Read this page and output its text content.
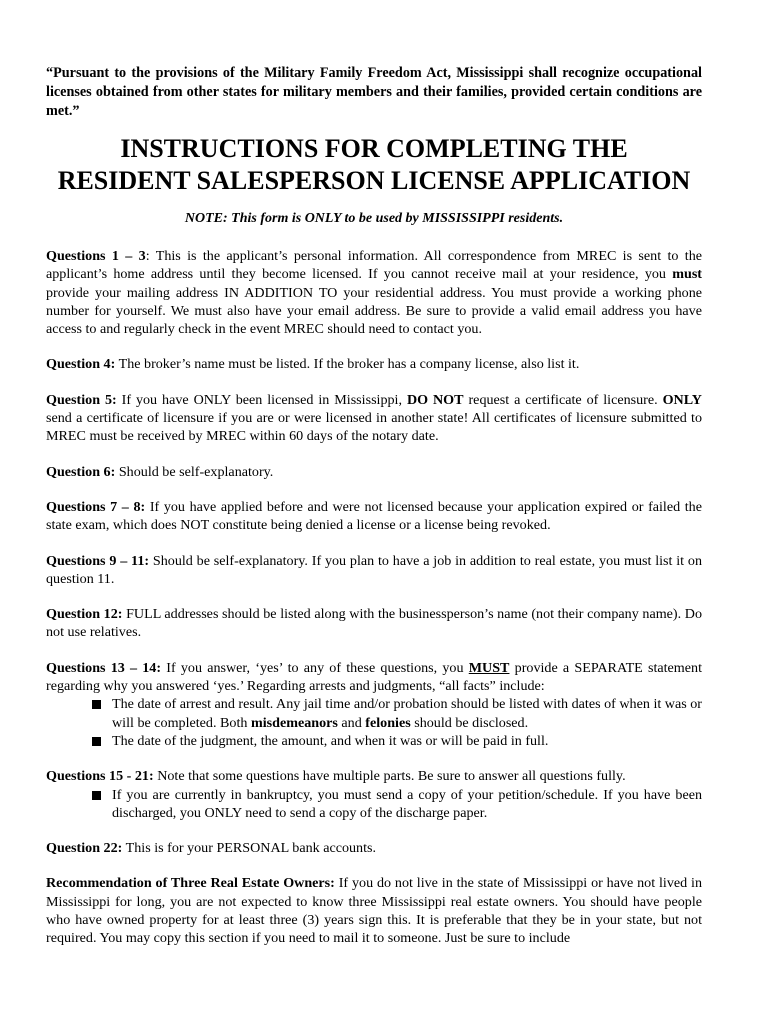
“Pursuant to the provisions of the Military Family Freedom Act, Mississippi shall recognize occupational licenses obtained from other states for military members and their families, provided certain conditions are met.”

INSTRUCTIONS FOR COMPLETING THE
RESIDENT SALESPERSON LICENSE APPLICATION

NOTE: This form is ONLY to be used by MISSISSIPPI residents.

Questions 1 – 3: This is the applicant’s personal information. All correspondence from MREC is sent to the applicant’s home address until they become licensed. If you cannot receive mail at your residence, you must provide your mailing address IN ADDITION TO your residential address. You must provide a working phone number for yourself. We must also have your email address. Be sure to provide a valid email address you have access to and regularly check in the event MREC should need to contact you.

Question 4: The broker’s name must be listed. If the broker has a company license, also list it.

Question 5: If you have ONLY been licensed in Mississippi, DO NOT request a certificate of licensure. ONLY send a certificate of licensure if you are or were licensed in another state! All certificates of licensure submitted to MREC must be received by MREC within 60 days of the notary date.

Question 6: Should be self-explanatory.

Questions 7 – 8: If you have applied before and were not licensed because your application expired or failed the state exam, which does NOT constitute being denied a license or a license being revoked.

Questions 9 – 11: Should be self-explanatory. If you plan to have a job in addition to real estate, you must list it on question 11.

Question 12: FULL addresses should be listed along with the businessperson’s name (not their company name). Do not use relatives.

Questions 13 – 14: If you answer, ‘yes’ to any of these questions, you MUST provide a SEPARATE statement regarding why you answered ‘yes.’ Regarding arrests and judgments, “all facts” include:
The date of arrest and result. Any jail time and/or probation should be listed with dates of when it was or will be completed. Both misdemeanors and felonies should be disclosed.
The date of the judgment, the amount, and when it was or will be paid in full.
Questions 15 - 21: Note that some questions have multiple parts. Be sure to answer all questions fully.
If you are currently in bankruptcy, you must send a copy of your petition/schedule. If you have been discharged, you ONLY need to send a copy of the discharge paper.

Question 22: This is for your PERSONAL bank accounts.

Recommendation of Three Real Estate Owners: If you do not live in the state of Mississippi or have not lived in Mississippi for long, you are not expected to know three Mississippi real estate owners. You should have people who have owned property for at least three (3) years sign this. It is preferable that they be in your state, but not required. You may copy this section if you need to mail it to someone. Just be sure to include
